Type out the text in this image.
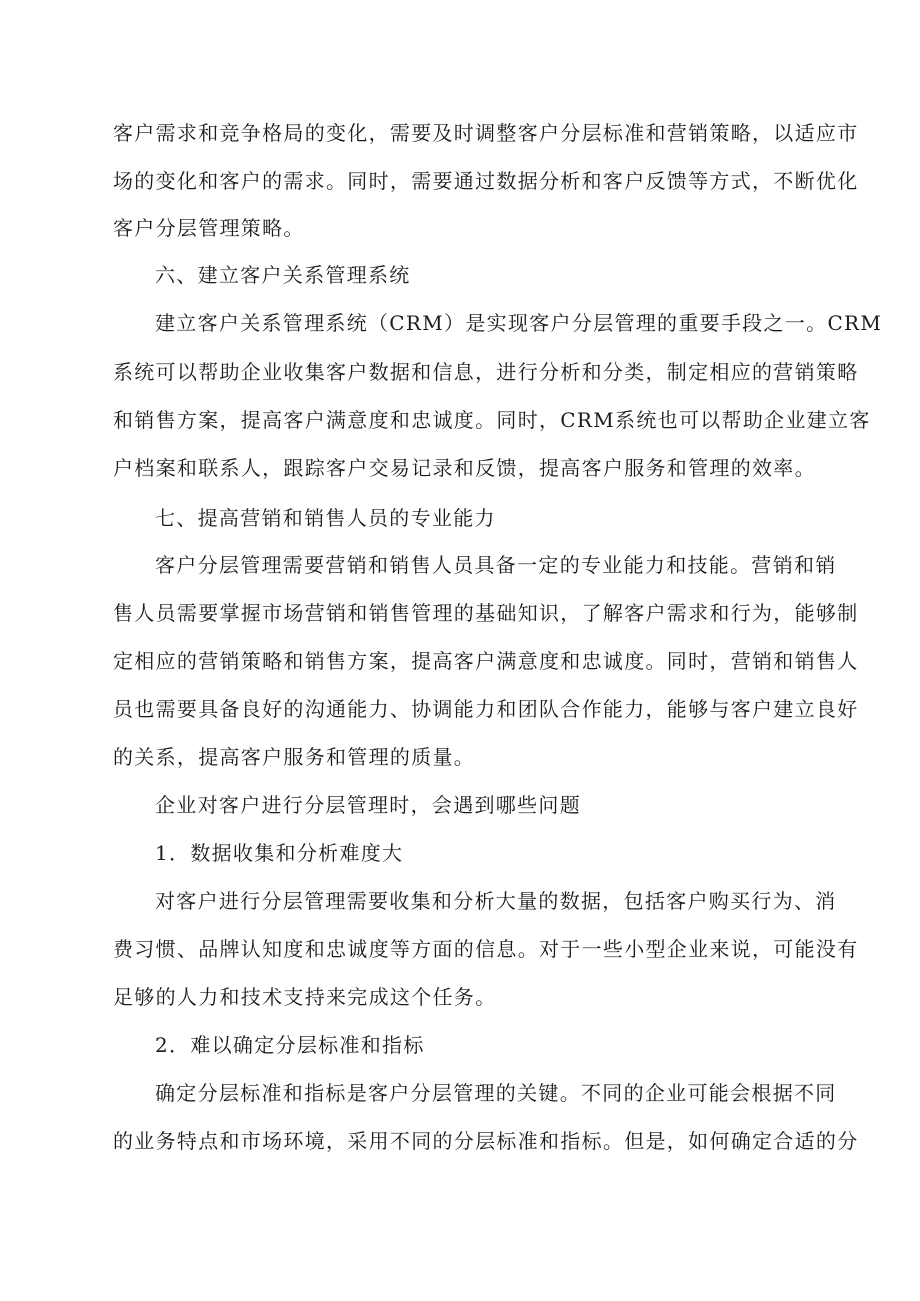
客户需求和竞争格局的变化，需要及时调整客户分层标准和营销策略，以适应市
场的变化和客户的需求。同时，需要通过数据分析和客户反馈等方式，不断优化
客户分层管理策略。
六、建立客户关系管理系统
建立客户关系管理系统（CRM）是实现客户分层管理的重要手段之一。CRM
系统可以帮助企业收集客户数据和信息，进行分析和分类，制定相应的营销策略
和销售方案，提高客户满意度和忠诚度。同时，CRM系统也可以帮助企业建立客
户档案和联系人，跟踪客户交易记录和反馈，提高客户服务和管理的效率。
七、提高营销和销售人员的专业能力
客户分层管理需要营销和销售人员具备一定的专业能力和技能。营销和销
售人员需要掌握市场营销和销售管理的基础知识，了解客户需求和行为，能够制
定相应的营销策略和销售方案，提高客户满意度和忠诚度。同时，营销和销售人
员也需要具备良好的沟通能力、协调能力和团队合作能力，能够与客户建立良好
的关系，提高客户服务和管理的质量。
企业对客户进行分层管理时，会遇到哪些问题
1．数据收集和分析难度大
对客户进行分层管理需要收集和分析大量的数据，包括客户购买行为、消
费习惯、品牌认知度和忠诚度等方面的信息。对于一些小型企业来说，可能没有
足够的人力和技术支持来完成这个任务。
2．难以确定分层标准和指标
确定分层标准和指标是客户分层管理的关键。不同的企业可能会根据不同
的业务特点和市场环境，采用不同的分层标准和指标。但是，如何确定合适的分
